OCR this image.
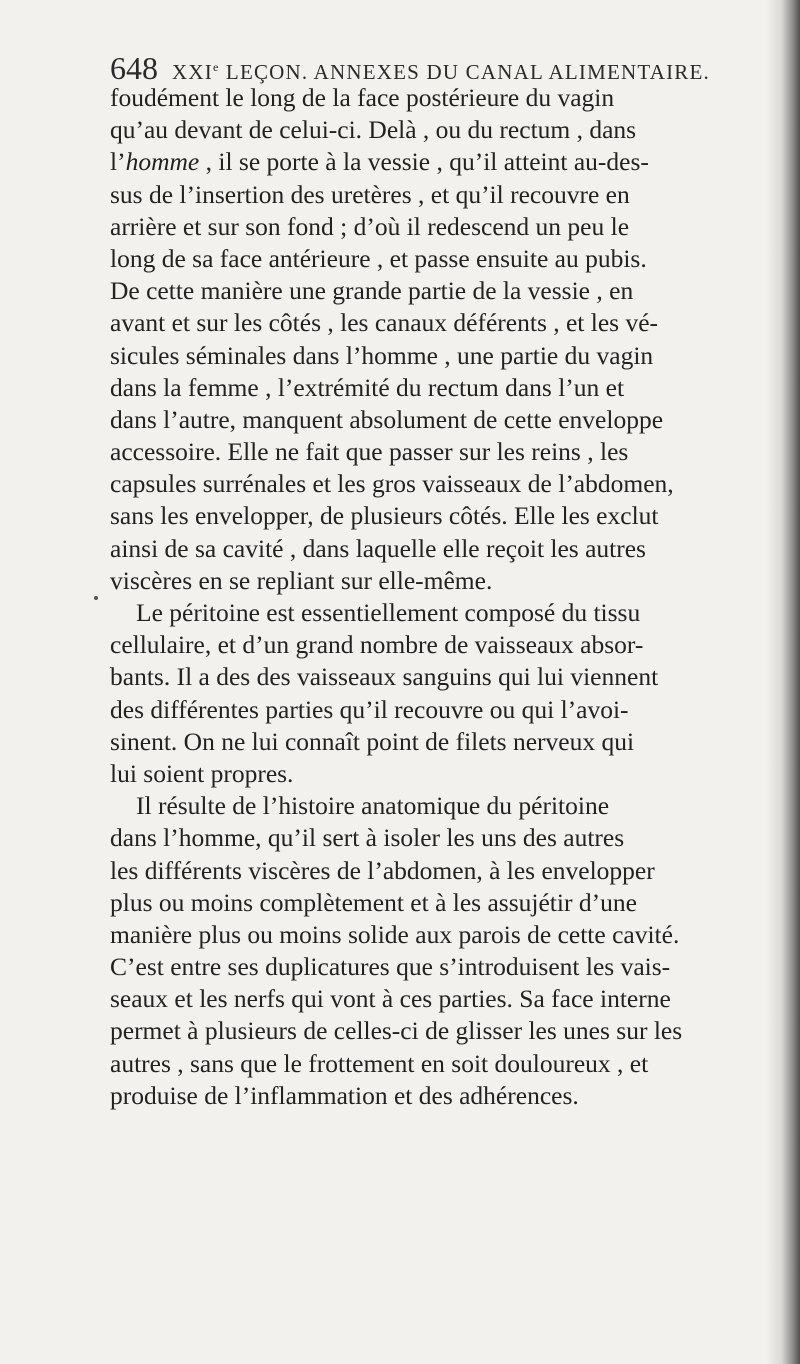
648 XXIe LEÇON. ANNEXES DU CANAL ALIMENTAIRE.
foudément le long de la face postérieure du vagin
qu’au devant de celui-ci. Delà , ou du rectum , dans
l’homme , il se porte à la vessie , qu’il atteint au-des-
sus de l’insertion des uretères , et qu’il recouvre en
arrière et sur son fond ; d’où il redescend un peu le
long de sa face antérieure , et passe ensuite au pubis.
De cette manière une grande partie de la vessie , en
avant et sur les côtés , les canaux déférents , et les vé-
sicules séminales dans l’homme , une partie du vagin
dans la femme , l’extrémité du rectum dans l’un et
dans l’autre, manquent absolument de cette enveloppe
accessoire. Elle ne fait que passer sur les reins , les
capsules surrénales et les gros vaisseaux de l’abdomen,
sans les envelopper, de plusieurs côtés. Elle les exclut
ainsi de sa cavité , dans laquelle elle reçoit les autres
viscères en se repliant sur elle-même.
Le péritoine est essentiellement composé du tissu
cellulaire, et d’un grand nombre de vaisseaux absor-
bants. Il a des des vaisseaux sanguins qui lui viennent
des différentes parties qu’il recouvre ou qui l’avoi-
sinent. On ne lui connaît point de filets nerveux qui
lui soient propres.
Il résulte de l’histoire anatomique du péritoine
dans l’homme, qu’il sert à isoler les uns des autres
les différents viscères de l’abdomen, à les envelopper
plus ou moins complètement et à les assujétir d’une
manière plus ou moins solide aux parois de cette cavité.
C’est entre ses duplicatures que s’introduisent les vais-
seaux et les nerfs qui vont à ces parties. Sa face interne
permet à plusieurs de celles-ci de glisser les unes sur les
autres , sans que le frottement en soit douloureux , et
produise de l’inflammation et des adhérences.
